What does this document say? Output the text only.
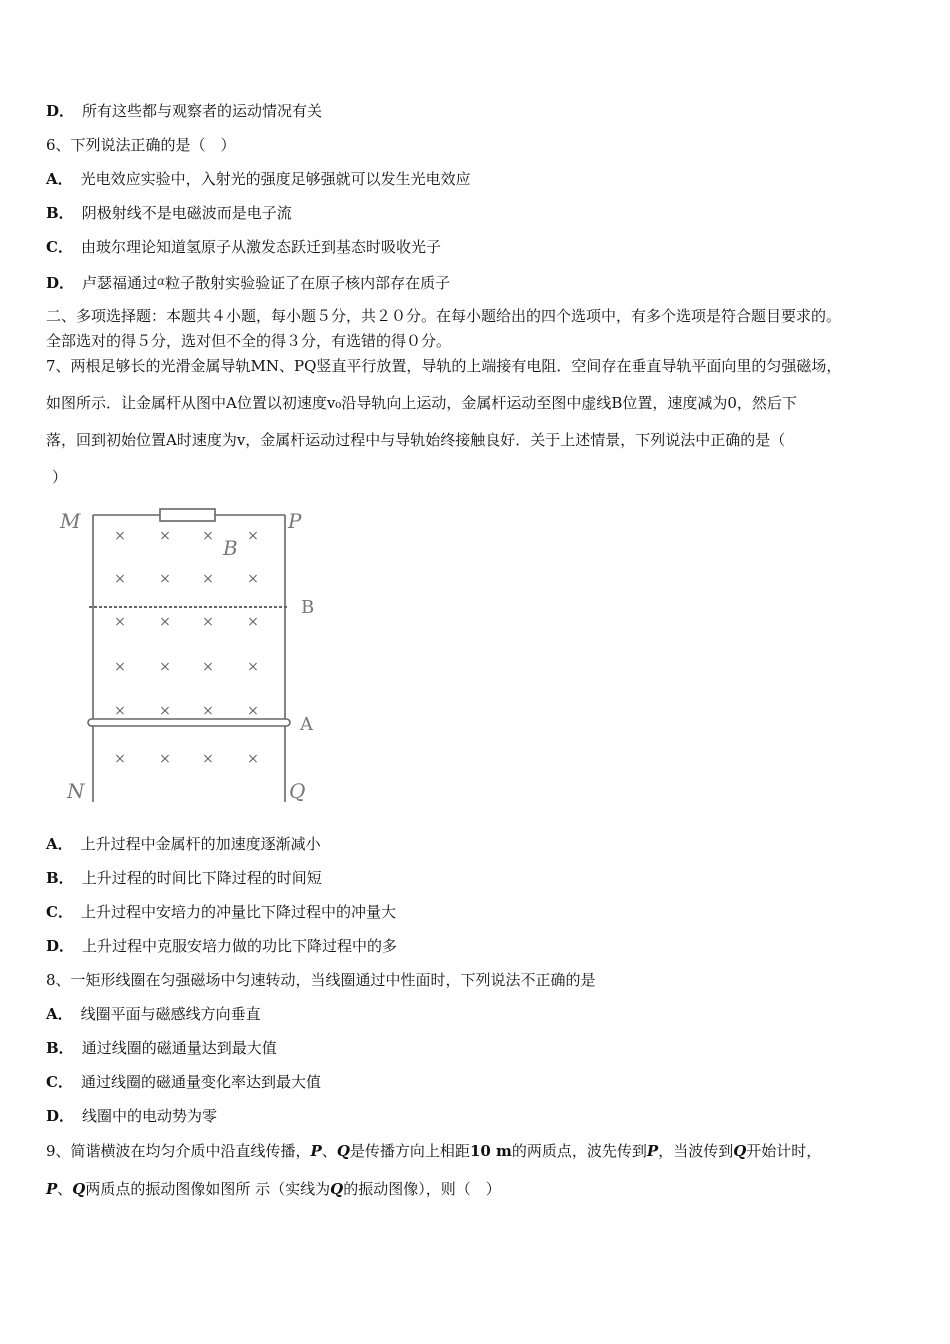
D． 所有这些都与观察者的运动情况有关
6、下列说法正确的是（　）
A． 光电效应实验中，入射光的强度足够强就可以发生光电效应
B． 阴极射线不是电磁波而是电子流
C． 由玻尔理论知道氢原子从激发态跃迁到基态时吸收光子
D． 卢瑟福通过$^\alpha$粒子散射实验验证了在原子核内部存在质子
二、多项选择题：本题共４小题，每小题５分，共２０分。在每小题给出的四个选项中，有多个选项是符合题目要求的。
全部选对的得５分，选对但不全的得３分，有选错的得０分。
7、两根足够长的光滑金属导轨MN、PQ竖直平行放置，导轨的上端接有电阻．空间存在垂直导轨平面向里的匀强磁场，
如图所示．让金属杆从图中A位置以初速度v₀沿导轨向上运动，金属杆运动至图中虚线B位置，速度减为0，然后下
落，回到初始位置A时速度为v，金属杆运动过程中与导轨始终接触良好．关于上述情景，下列说法中正确的是（
）
M	P
B
B
A
N	Q
× × × ×
× × × ×
× × × ×
× × × ×
× × × ×
× × × ×
A． 上升过程中金属杆的加速度逐渐减小
B． 上升过程的时间比下降过程的时间短
C． 上升过程中安培力的冲量比下降过程中的冲量大
D． 上升过程中克服安培力做的功比下降过程中的多
8、一矩形线圈在匀强磁场中匀速转动，当线圈通过中性面时，下列说法不正确的是
A． 线圈平面与磁感线方向垂直
B． 通过线圈的磁通量达到最大值
C． 通过线圈的磁通量变化率达到最大值
D． 线圈中的电动势为零
9、简谐横波在均匀介质中沿直线传播，P、Q是传播方向上相距10 m的两质点，波先传到P，当波传到Q开始计时，
P、Q两质点的振动图像如图所 示（实线为Q的振动图像），则（　）
